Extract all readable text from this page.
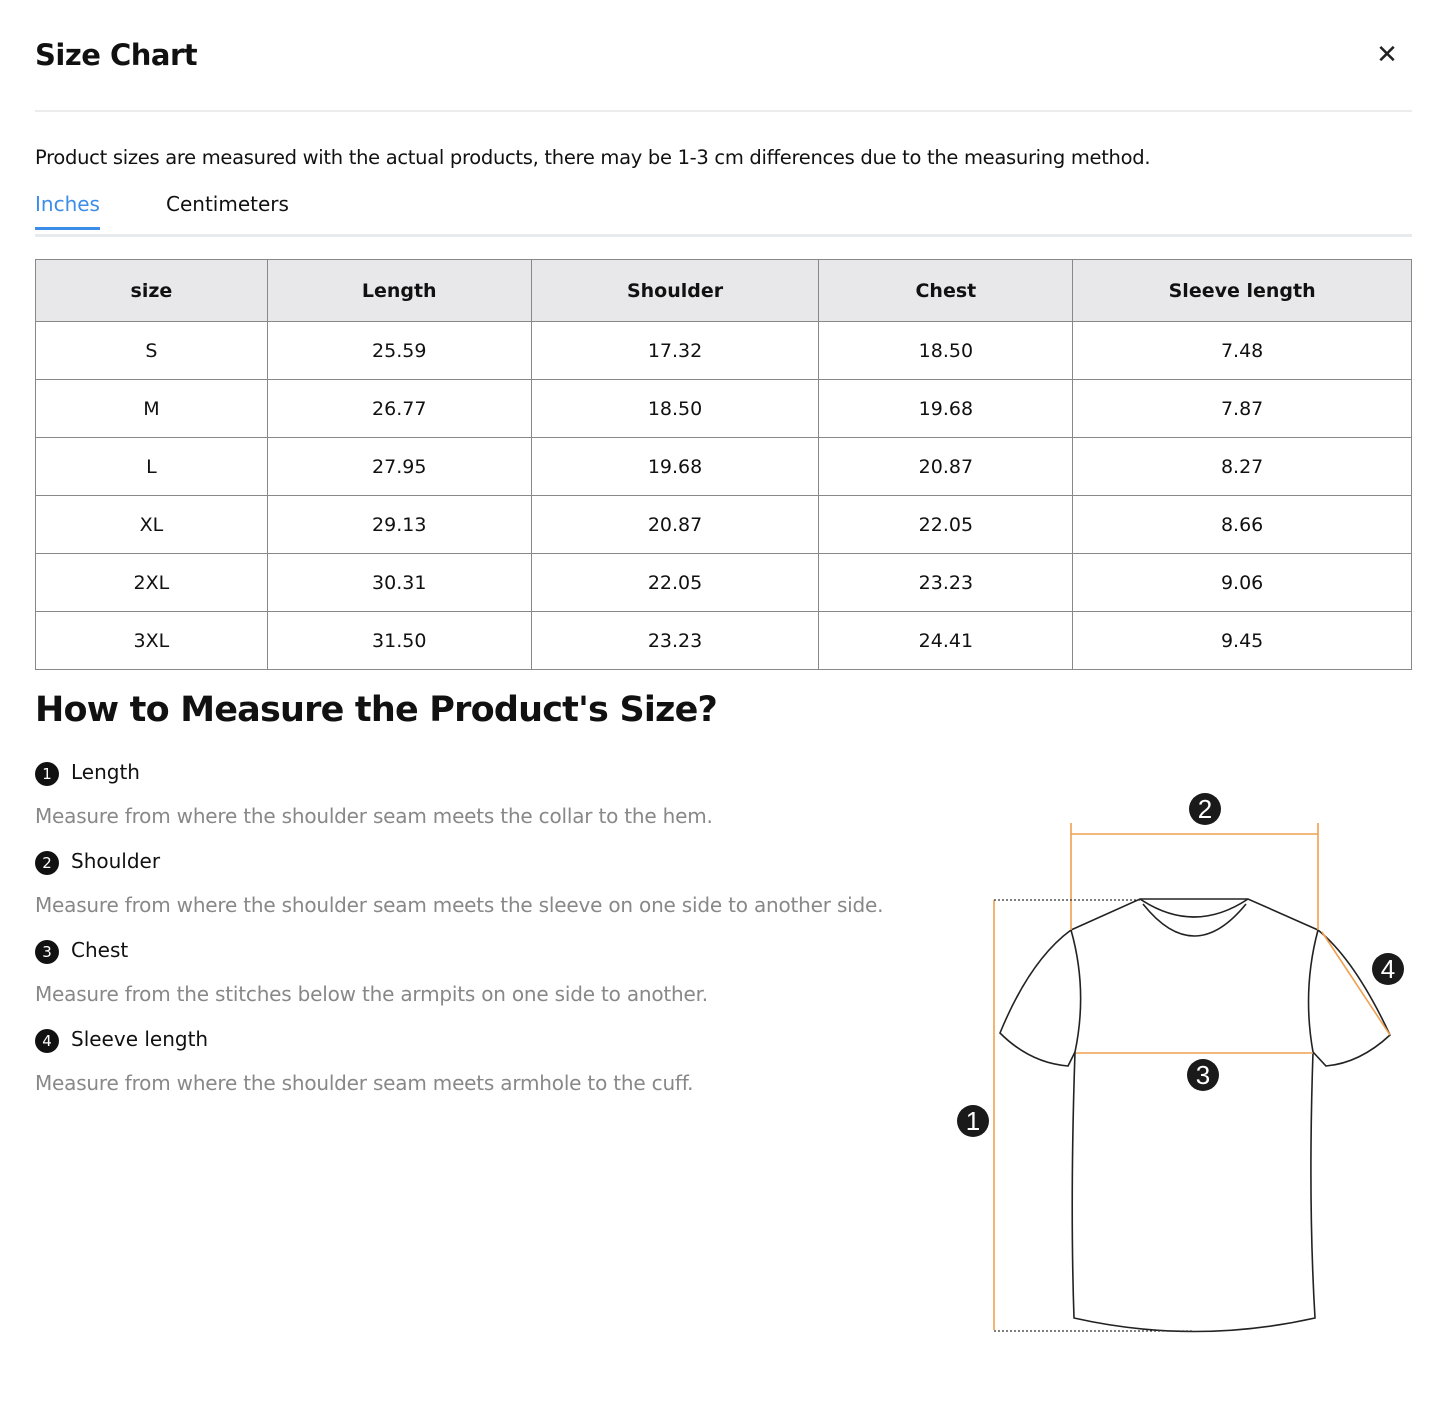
Size Chart	✕
Product sizes are measured with the actual products, there may be 1-3 cm differences due to the measuring method.
Inches	Centimeters
size	Length	Shoulder	Chest	Sleeve length
S	25.59	17.32	18.50	7.48
M	26.77	18.50	19.68	7.87
L	27.95	19.68	20.87	8.27
XL	29.13	20.87	22.05	8.66
2XL	30.31	22.05	23.23	9.06
3XL	31.50	23.23	24.41	9.45
How to Measure the Product's Size?
1 Length
Measure from where the shoulder seam meets the collar to the hem.
2 Shoulder
Measure from where the shoulder seam meets the sleeve on one side to another side.
3 Chest
Measure from the stitches below the armpits on one side to another.
4 Sleeve length
Measure from where the shoulder seam meets armhole to the cuff.
1
2
3
4
